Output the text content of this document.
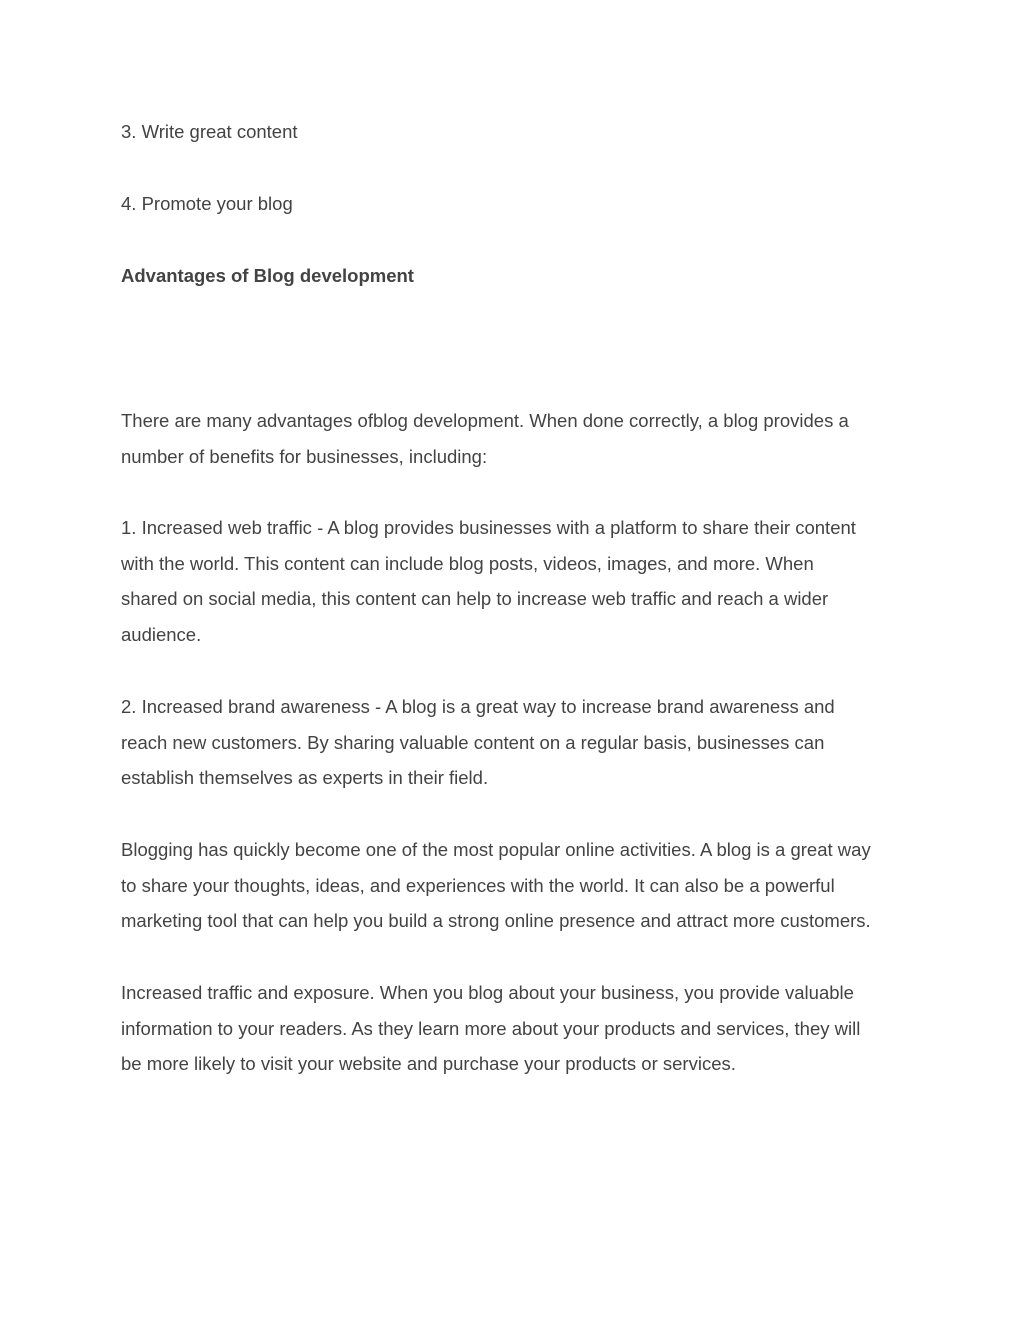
3. Write great content

4. Promote your blog

Advantages of Blog development

There are many advantages ofblog development. When done correctly, a blog provides a
number of benefits for businesses, including:

1. Increased web traffic - A blog provides businesses with a platform to share their content
with the world. This content can include blog posts, videos, images, and more. When
shared on social media, this content can help to increase web traffic and reach a wider
audience.

2. Increased brand awareness - A blog is a great way to increase brand awareness and
reach new customers. By sharing valuable content on a regular basis, businesses can
establish themselves as experts in their field.

Blogging has quickly become one of the most popular online activities. A blog is a great way
to share your thoughts, ideas, and experiences with the world. It can also be a powerful
marketing tool that can help you build a strong online presence and attract more customers.

Increased traffic and exposure. When you blog about your business, you provide valuable
information to your readers. As they learn more about your products and services, they will
be more likely to visit your website and purchase your products or services.
